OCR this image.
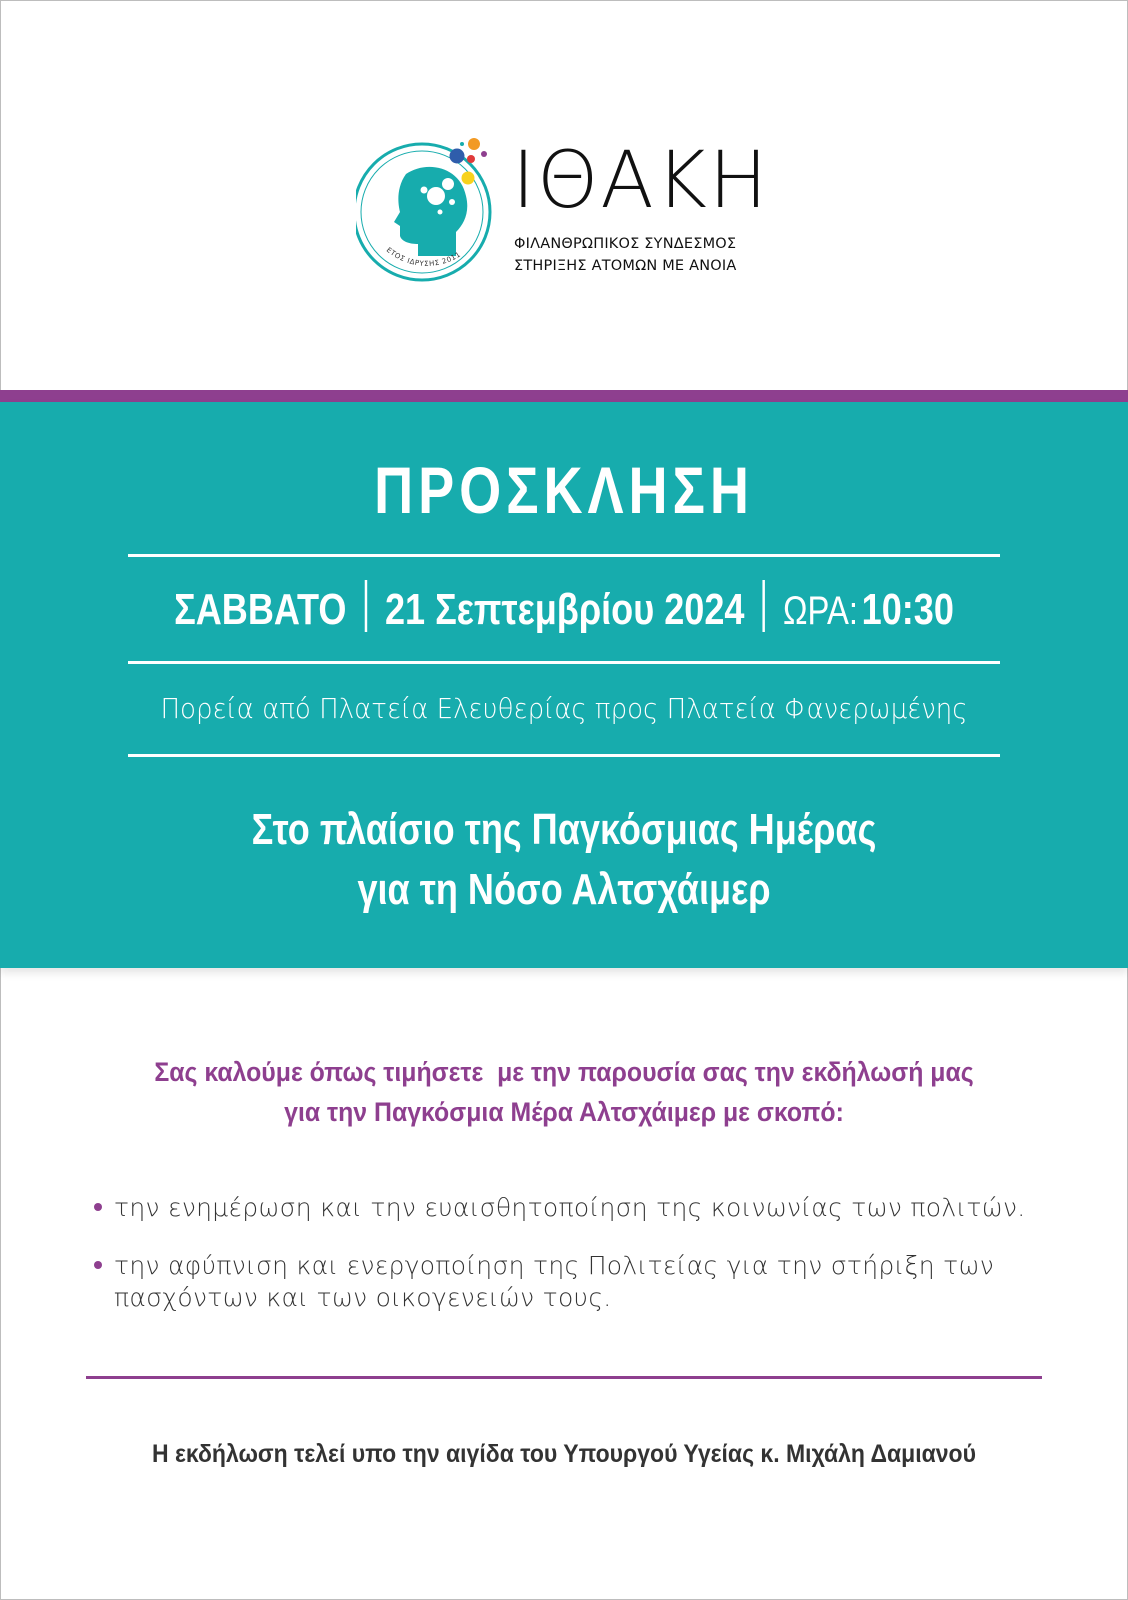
ΕΤΟΣ ΙΔΡΥΣΗΣ 2011
ΙΘΑΚΗ
ΦΙΛΑΝΘΡΩΠΙΚΟΣ ΣΥΝΔΕΣΜΟΣ
ΣΤΗΡΙΞΗΣ ΑΤΟΜΩΝ ΜΕ ΑΝΟΙΑ
ΠΡΟΣΚΛΗΣΗ
ΣΑΒΒΑΤΟ 21 Σεπτεμβρίου 2024 ΩΡΑ: 10:30
Πορεία από Πλατεία Ελευθερίας προς Πλατεία Φανερωμένης
Στο πλαίσιο της Παγκόσμιας Ημέρας
για τη Νόσο Αλτσχάιμερ
Σας καλούμε όπως τιμήσετε  με την παρουσία σας την εκδήλωσή μας
για την Παγκόσμια Μέρα Αλτσχάιμερ με σκοπό:
την ενημέρωση και την ευαισθητοποίηση της κοινωνίας των πολιτών.
την αφύπνιση και ενεργοποίηση της Πολιτείας για την στήριξη των
πασχόντων και των οικογενειών τους.
Η εκδήλωση τελεί υπο την αιγίδα του Υπουργού Υγείας κ. Μιχάλη Δαμιανού
